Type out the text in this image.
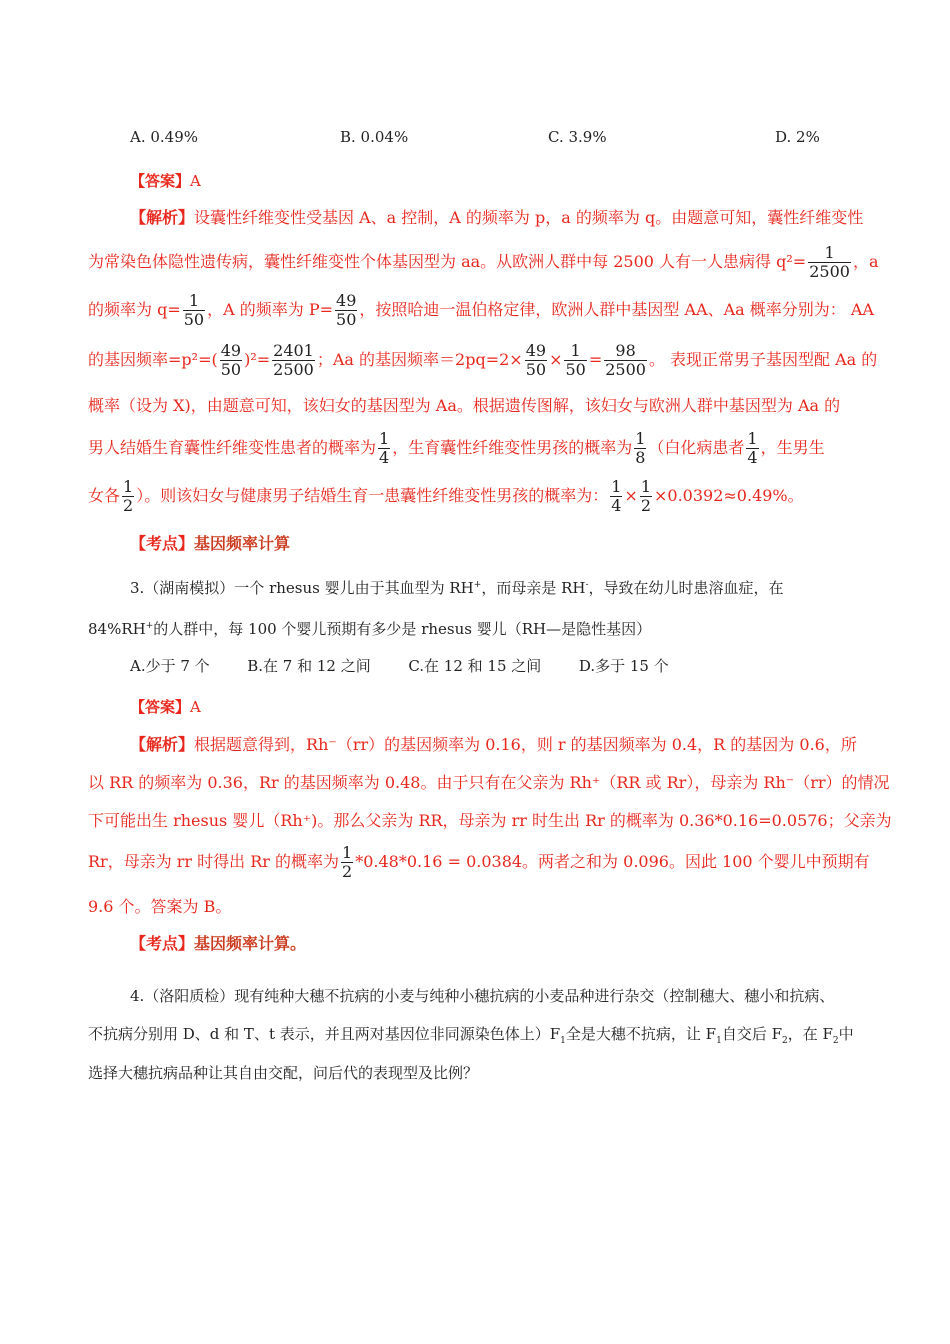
A. 0.49%	B. 0.04%	C. 3.9%	D. 2%
【答案】A
【解析】设囊性纤维变性受基因 A、a 控制，A 的频率为 p，a 的频率为 q。由题意可知，囊性纤维变性
为常染色体隐性遗传病，囊性纤维变性个体基因型为 aa。从欧洲人群中每 2500 人有一人患病得 $q^2= \frac{1}{2500}$ ，a
的频率为 $q= \frac{1}{50}$ ，A 的频率为 $P= \frac{49}{50}$ ，按照哈迪一温伯格定律，欧洲人群中基因型 AA、Aa 概率分别为： AA
的基因频率$=p^2=( \frac{49}{50} )^2= \frac{2401}{2500}$ ；Aa 的基因频率$=2pq=2\times \frac{49}{50} \times \frac{1}{50} = \frac{98}{2500}$ 。 表现正常男子基因型配 Aa 的
概率（设为 X)，由题意可知，该妇女的基因型为 Aa。根据遗传图解，该妇女与欧洲人群中基因型为 Aa 的
男人结婚生育囊性纤维变性患者的概率为 $\frac{1}{4}$ ，生育囊性纤维变性男孩的概率为 $\frac{1}{8}$ （白化病患者 $\frac{1}{4}$ ，生男生
女各 $\frac{1}{2}$ ）。则该妇女与健康男子结婚生育一患囊性纤维变性男孩的概率为： $\frac{1}{4} \times \frac{1}{2} \times 0.0392\approx 0.49\%$。
【考点】基因频率计算
3.（湖南模拟）一个 rhesus 婴儿由于其血型为 RH+，而母亲是 RH-，导致在幼儿时患溶血症，在
84%RH+的人群中，每 100 个婴儿预期有多少是 rhesus 婴儿（RH—是隐性基因）
A.少于 7 个	B.在 7 和 12 之间	C.在 12 和 15 之间	D.多于 15 个
【答案】A
【解析】根据题意得到，Rh⁻（rr）的基因频率为 0.16，则 r 的基因频率为 0.4，R 的基因为 0.6，所
以 RR 的频率为 0.36，Rr 的基因频率为 0.48。由于只有在父亲为 Rh⁺（RR 或 Rr），母亲为 Rh⁻（rr）的情况
下可能出生 rhesus 婴儿（Rh⁺)。那么父亲为 RR，母亲为 rr 时生出 Rr 的概率为 0.36*0.16=0.0576；父亲为
Rr，母亲为 rr 时得出 Rr 的概率为 $\frac{1}{2} *0.48*0.16 = 0.0384$。两者之和为 0.096。因此 100 个婴儿中预期有
9.6 个。答案为 B。
【考点】基因频率计算。
4.（洛阳质检）现有纯种大穗不抗病的小麦与纯种小穗抗病的小麦品种进行杂交（控制穗大、穗小和抗病、
不抗病分别用 D、d 和 T、t 表示，并且两对基因位非同源染色体上）$F_1$全是大穗不抗病，让 $F_1$自交后 $F_2$，在 $F_2$中
选择大穗抗病品种让其自由交配，问后代的表现型及比例？
